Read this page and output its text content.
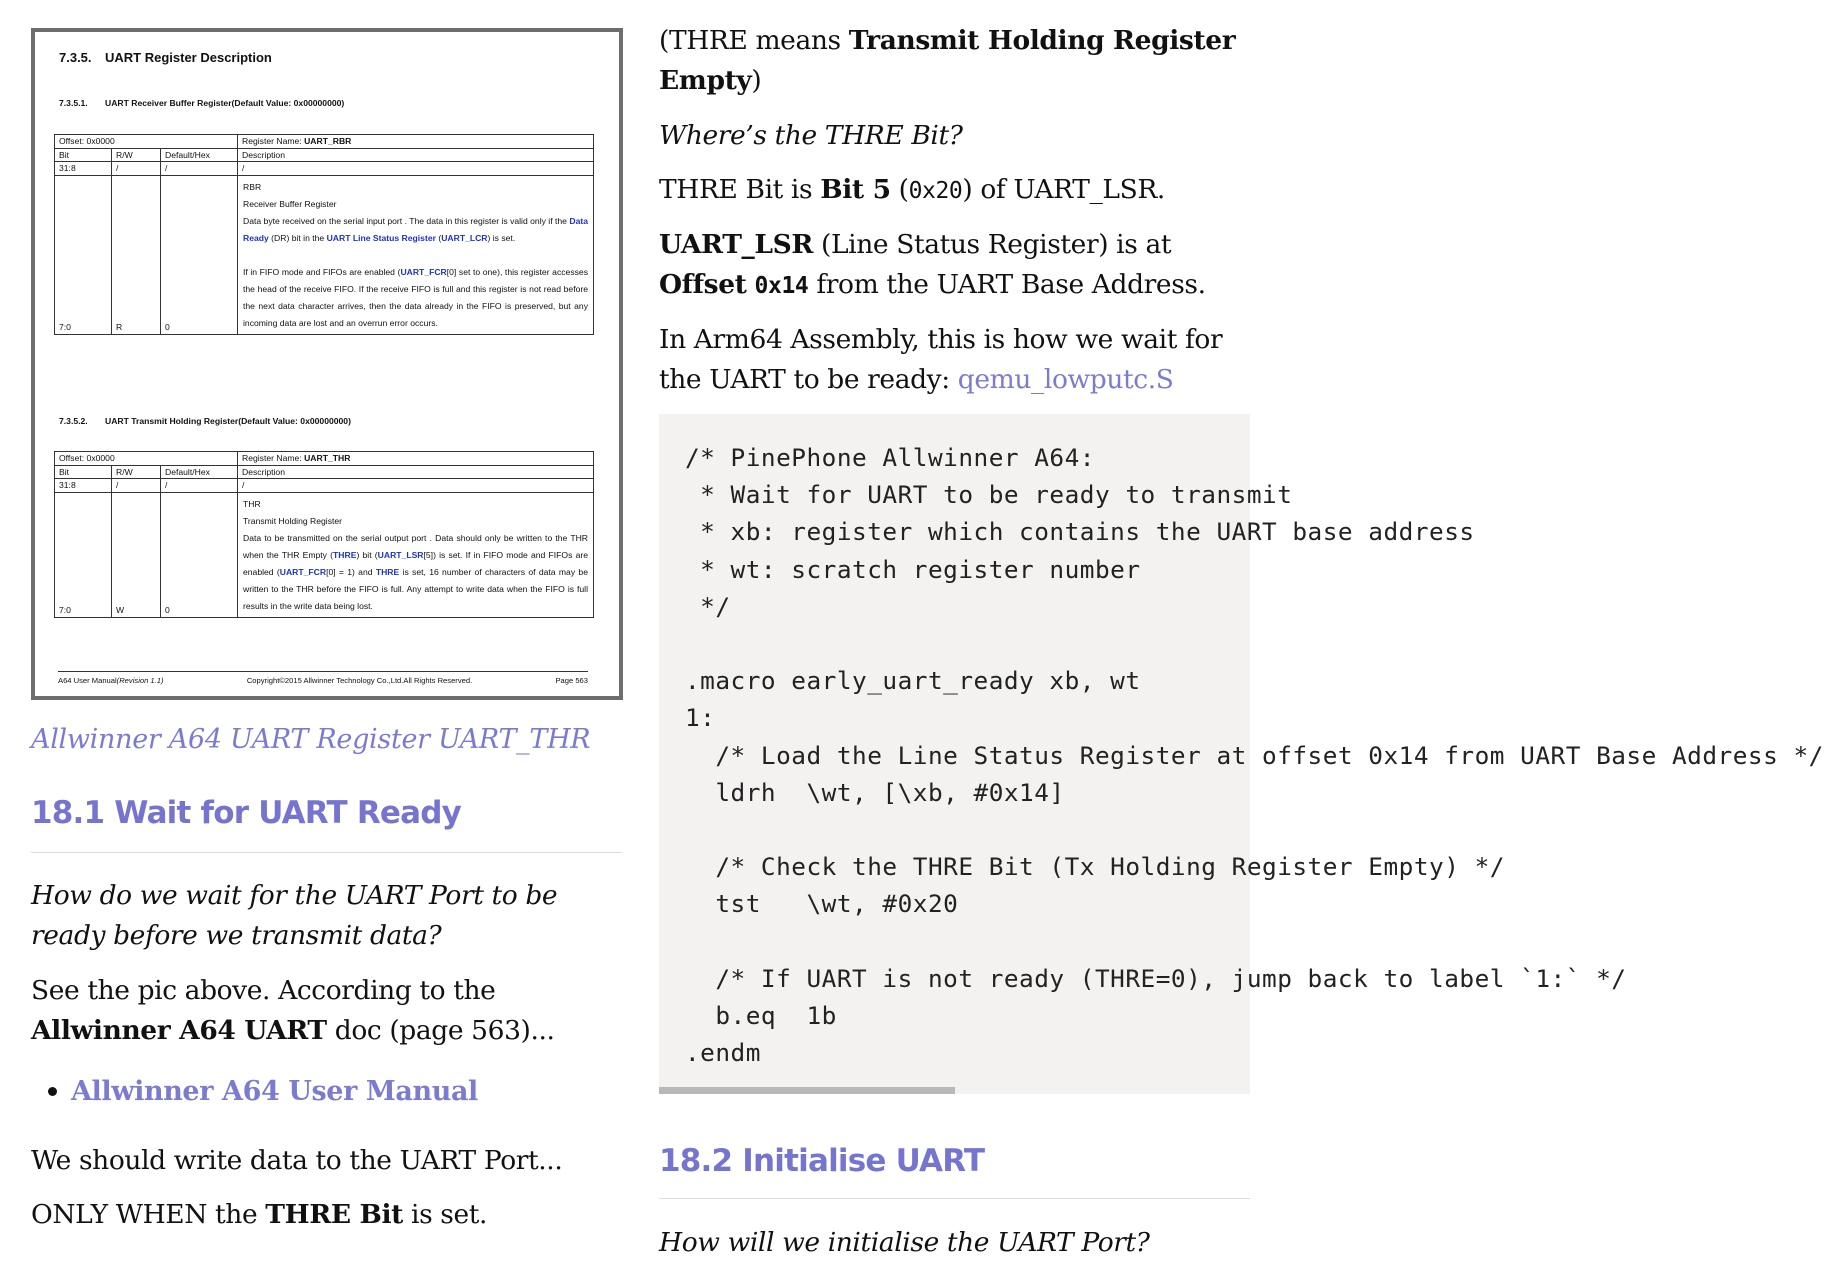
7.3.5. UART Register Description
7.3.5.1. UART Receiver Buffer Register(Default Value: 0x00000000)
Offset: 0x0000			Register Name: UART_RBR
Bit	R/W	Default/Hex	Description
31:8	/	/	/
7:0	R	0	RBR
Receiver Buffer Register
Data byte received on the serial input port . The data in this register is valid only if the Data Ready (DR) bit in the UART Line Status Register (UART_LCR) is set.
If in FIFO mode and FIFOs are enabled (UART_FCR[0] set to one), this register accesses the head of the receive FIFO. If the receive FIFO is full and this register is not read before the next data character arrives, then the data already in the FIFO is preserved, but any incoming data are lost and an overrun error occurs.
7.3.5.2. UART Transmit Holding Register(Default Value: 0x00000000)
Offset: 0x0000			Register Name: UART_THR
Bit	R/W	Default/Hex	Description
31:8	/	/	/
7:0	W	0	THR
Transmit Holding Register
Data to be transmitted on the serial output port . Data should only be written to the THR when the THR Empty (THRE) bit (UART_LSR[5]) is set. If in FIFO mode and FIFOs are enabled (UART_FCR[0] = 1) and THRE is set, 16 number of characters of data may be written to the THR before the FIFO is full. Any attempt to write data when the FIFO is full results in the write data being lost.
A64 User Manual(Revision 1.1)	Copyright©2015 Allwinner Technology Co.,Ltd.All Rights Reserved.	Page 563
Allwinner A64 UART Register UART_THR
18.1 Wait for UART Ready

How do we wait for the UART Port to be ready before we transmit data?

See the pic above. According to the Allwinner A64 UART doc (page 563)...

Allwinner A64 User Manual

We should write data to the UART Port...

ONLY WHEN the THRE Bit is set.

(THRE means Transmit Holding Register Empty)

Where’s the THRE Bit?

THRE Bit is Bit 5 (0x20) of UART_LSR.

UART_LSR (Line Status Register) is at Offset 0x14 from the UART Base Address.

In Arm64 Assembly, this is how we wait for the UART to be ready: qemu_lowputc.S

/* PinePhone Allwinner A64:
* Wait for UART to be ready to transmit
* xb: register which contains the UART base address
* wt: scratch register number
*/

.macro early_uart_ready xb, wt
1:
/* Load the Line Status Register at offset 0x14 from UART Base Address */
ldrh  \wt, [\xb, #0x14]

/* Check the THRE Bit (Tx Holding Register Empty) */
tst   \wt, #0x20

/* If UART is not ready (THRE=0), jump back to label `1:` */
b.eq  1b
.endm
18.2 Initialise UART

How will we initialise the UART Port?
